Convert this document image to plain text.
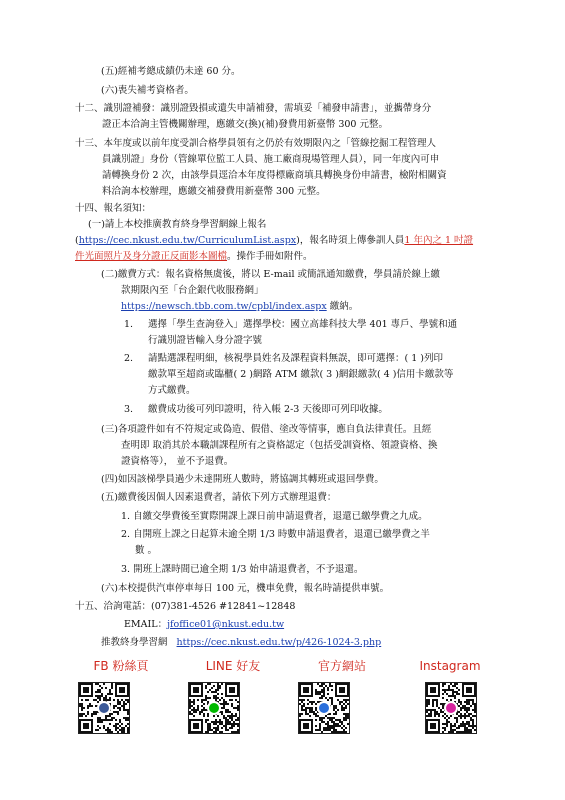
(五)經補考總成績仍未達 60 分。
(六)喪失補考資格者。
十二、識別證補發：識別證毀損或遺失申請補發，需填妥「補發申請書」，並攜帶身分
證正本洽詢主管機關辦理，應繳交(換)(補)發費用新臺幣 300 元整。
十三、本年度或以前年度受訓合格學員領有之仍於有效期限內之「管線挖掘工程管理人
員識別證」身份（管線單位監工人員、施工廠商現場管理人員），同一年度內可申
請轉換身份 2 次，由該學員逕洽本年度得標廠商填具轉換身份申請書，檢附相關資
料洽詢本校辦理，應繳交補發費用新臺幣 300 元整。
十四、報名須知：
(一)請上本校推廣教育終身學習網線上報名
(https://cec.nkust.edu.tw/CurriculumList.aspx)，報名時須上傳參訓人員1 年內之 1 吋證
件光面照片及身分證正反面影本圖檔。操作手冊如附件。
(二)繳費方式：報名資格無虞後，將以 E-mail 或簡訊通知繳費，學員請於線上繳
款期限內至「台企銀代收服務網」
https://newsch.tbb.com.tw/cpbl/index.aspx 繳納。
1. 選擇「學生查詢登入」選擇學校：國立高雄科技大學 401 專戶、學號和通
行識別證皆輸入身分證字號
2. 請點選課程明細，核視學員姓名及課程資料無誤，即可選擇：( 1 )列印
繳款單至超商或臨櫃( 2 )網路 ATM 繳款( 3 )網銀繳款( 4 )信用卡繳款等
方式繳費。
3. 繳費成功後可列印證明，待入帳 2-3 天後即可列印收據。
(三)各項證件如有不符規定或偽造、假借、塗改等情事，應自負法律責任。且經
查明即 取消其於本職訓課程所有之資格認定（包括受訓資格、領證資格、換
證資格等）， 並不予退費。
(四)如因該梯學員過少未達開班人數時，將協調其轉班或退回學費。
(五)繳費後因個人因素退費者，請依下列方式辦理退費：
1. 自繳交學費後至實際開課上課日前申請退費者，退還已繳學費之九成。
2. 自開班上課之日起算未逾全期 1/3 時數申請退費者，退還已繳學費之半
數 。
3. 開班上課時間已逾全期 1/3 始申請退費者，不予退還。
(六)本校提供汽車停車每日 100 元，機車免費，報名時請提供車號。
十五、洽詢電話：(07)381-4526 #12841~12848
EMAIL：jfoffice01@nkust.edu.tw
推教終身學習網 https://cec.nkust.edu.tw/p/426-1024-3.php
FB 粉絲頁	LINE 好友	官方網站	Instagram
